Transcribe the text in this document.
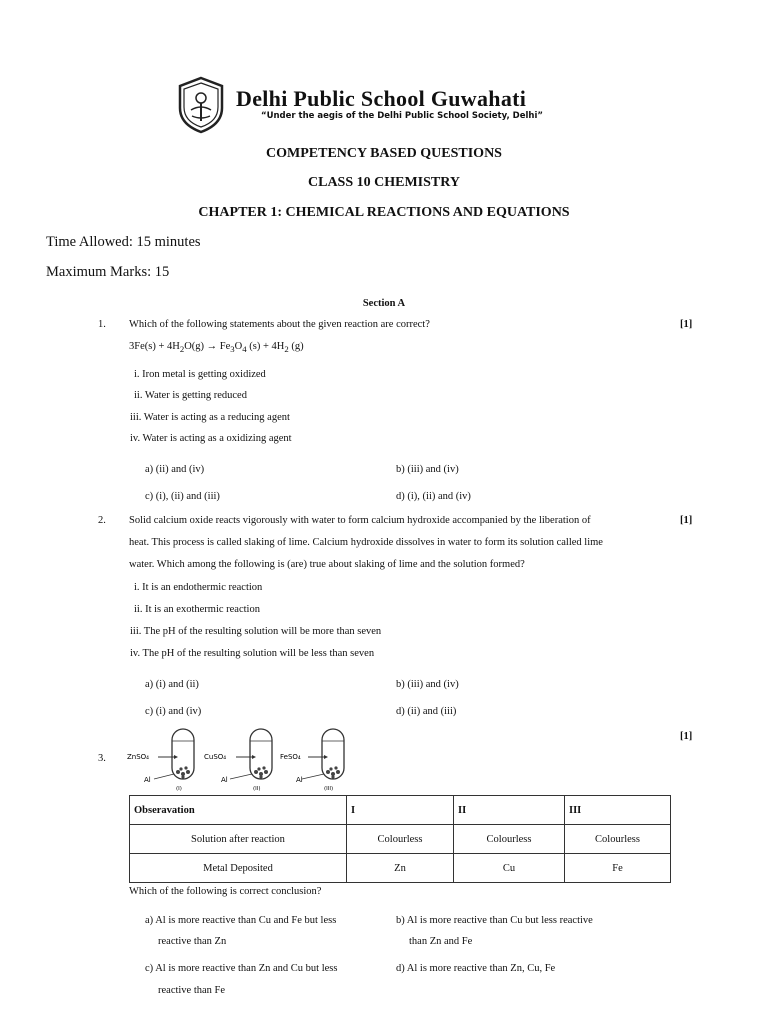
Delhi Public School Guwahati
“Under the aegis of the Delhi Public School Society, Delhi”
COMPETENCY BASED QUESTIONS
CLASS 10 CHEMISTRY
CHAPTER 1: CHEMICAL REACTIONS AND EQUATIONS
Time Allowed: 15 minutes
Maximum Marks: 15
Section A
1. Which of the following statements about the given reaction are correct?	[1]
$3Fe(s) + 4H_2O(g) \to Fe_3O_4$ $(s) + 4H_2$ (g)
i. Iron metal is getting oxidized
ii. Water is getting reduced
iii. Water is acting as a reducing agent
iv. Water is acting as a oxidizing agent
a) (ii) and (iv)	b) (iii) and (iv)
c) (i), (ii) and (iii)	d) (i), (ii) and (iv)
2.	[1]
Solid calcium oxide reacts vigorously with water to form calcium hydroxide accompanied by the liberation of
heat. This process is called slaking of lime. Calcium hydroxide dissolves in water to form its solution called lime
water. Which among the following is (are) true about slaking of lime and the solution formed?
i. It is an endothermic reaction
ii. It is an exothermic reaction
iii. The pH of the resulting solution will be more than seven
iv. The pH of the resulting solution will be less than seven
a) (i) and (ii)	b) (iii) and (iv)
c) (i) and (iv)	d) (ii) and (iii)
3.
[1]
ZnSO₄
Al
(I)
CuSO₄
Al
(II)
FeSO₄
Al
(III)
Obseravation	I	II	III
Solution after reaction	Colourless	Colourless	Colourless
Metal Deposited	Zn	Cu	Fe
Which of the following is correct conclusion?
a) Al is more reactive than Cu and Fe but less
reactive than Zn
b) Al is more reactive than Cu but less reactive
than Zn and Fe
c) Al is more reactive than Zn and Cu but less
reactive than Fe
d) Al is more reactive than Zn, Cu, Fe
